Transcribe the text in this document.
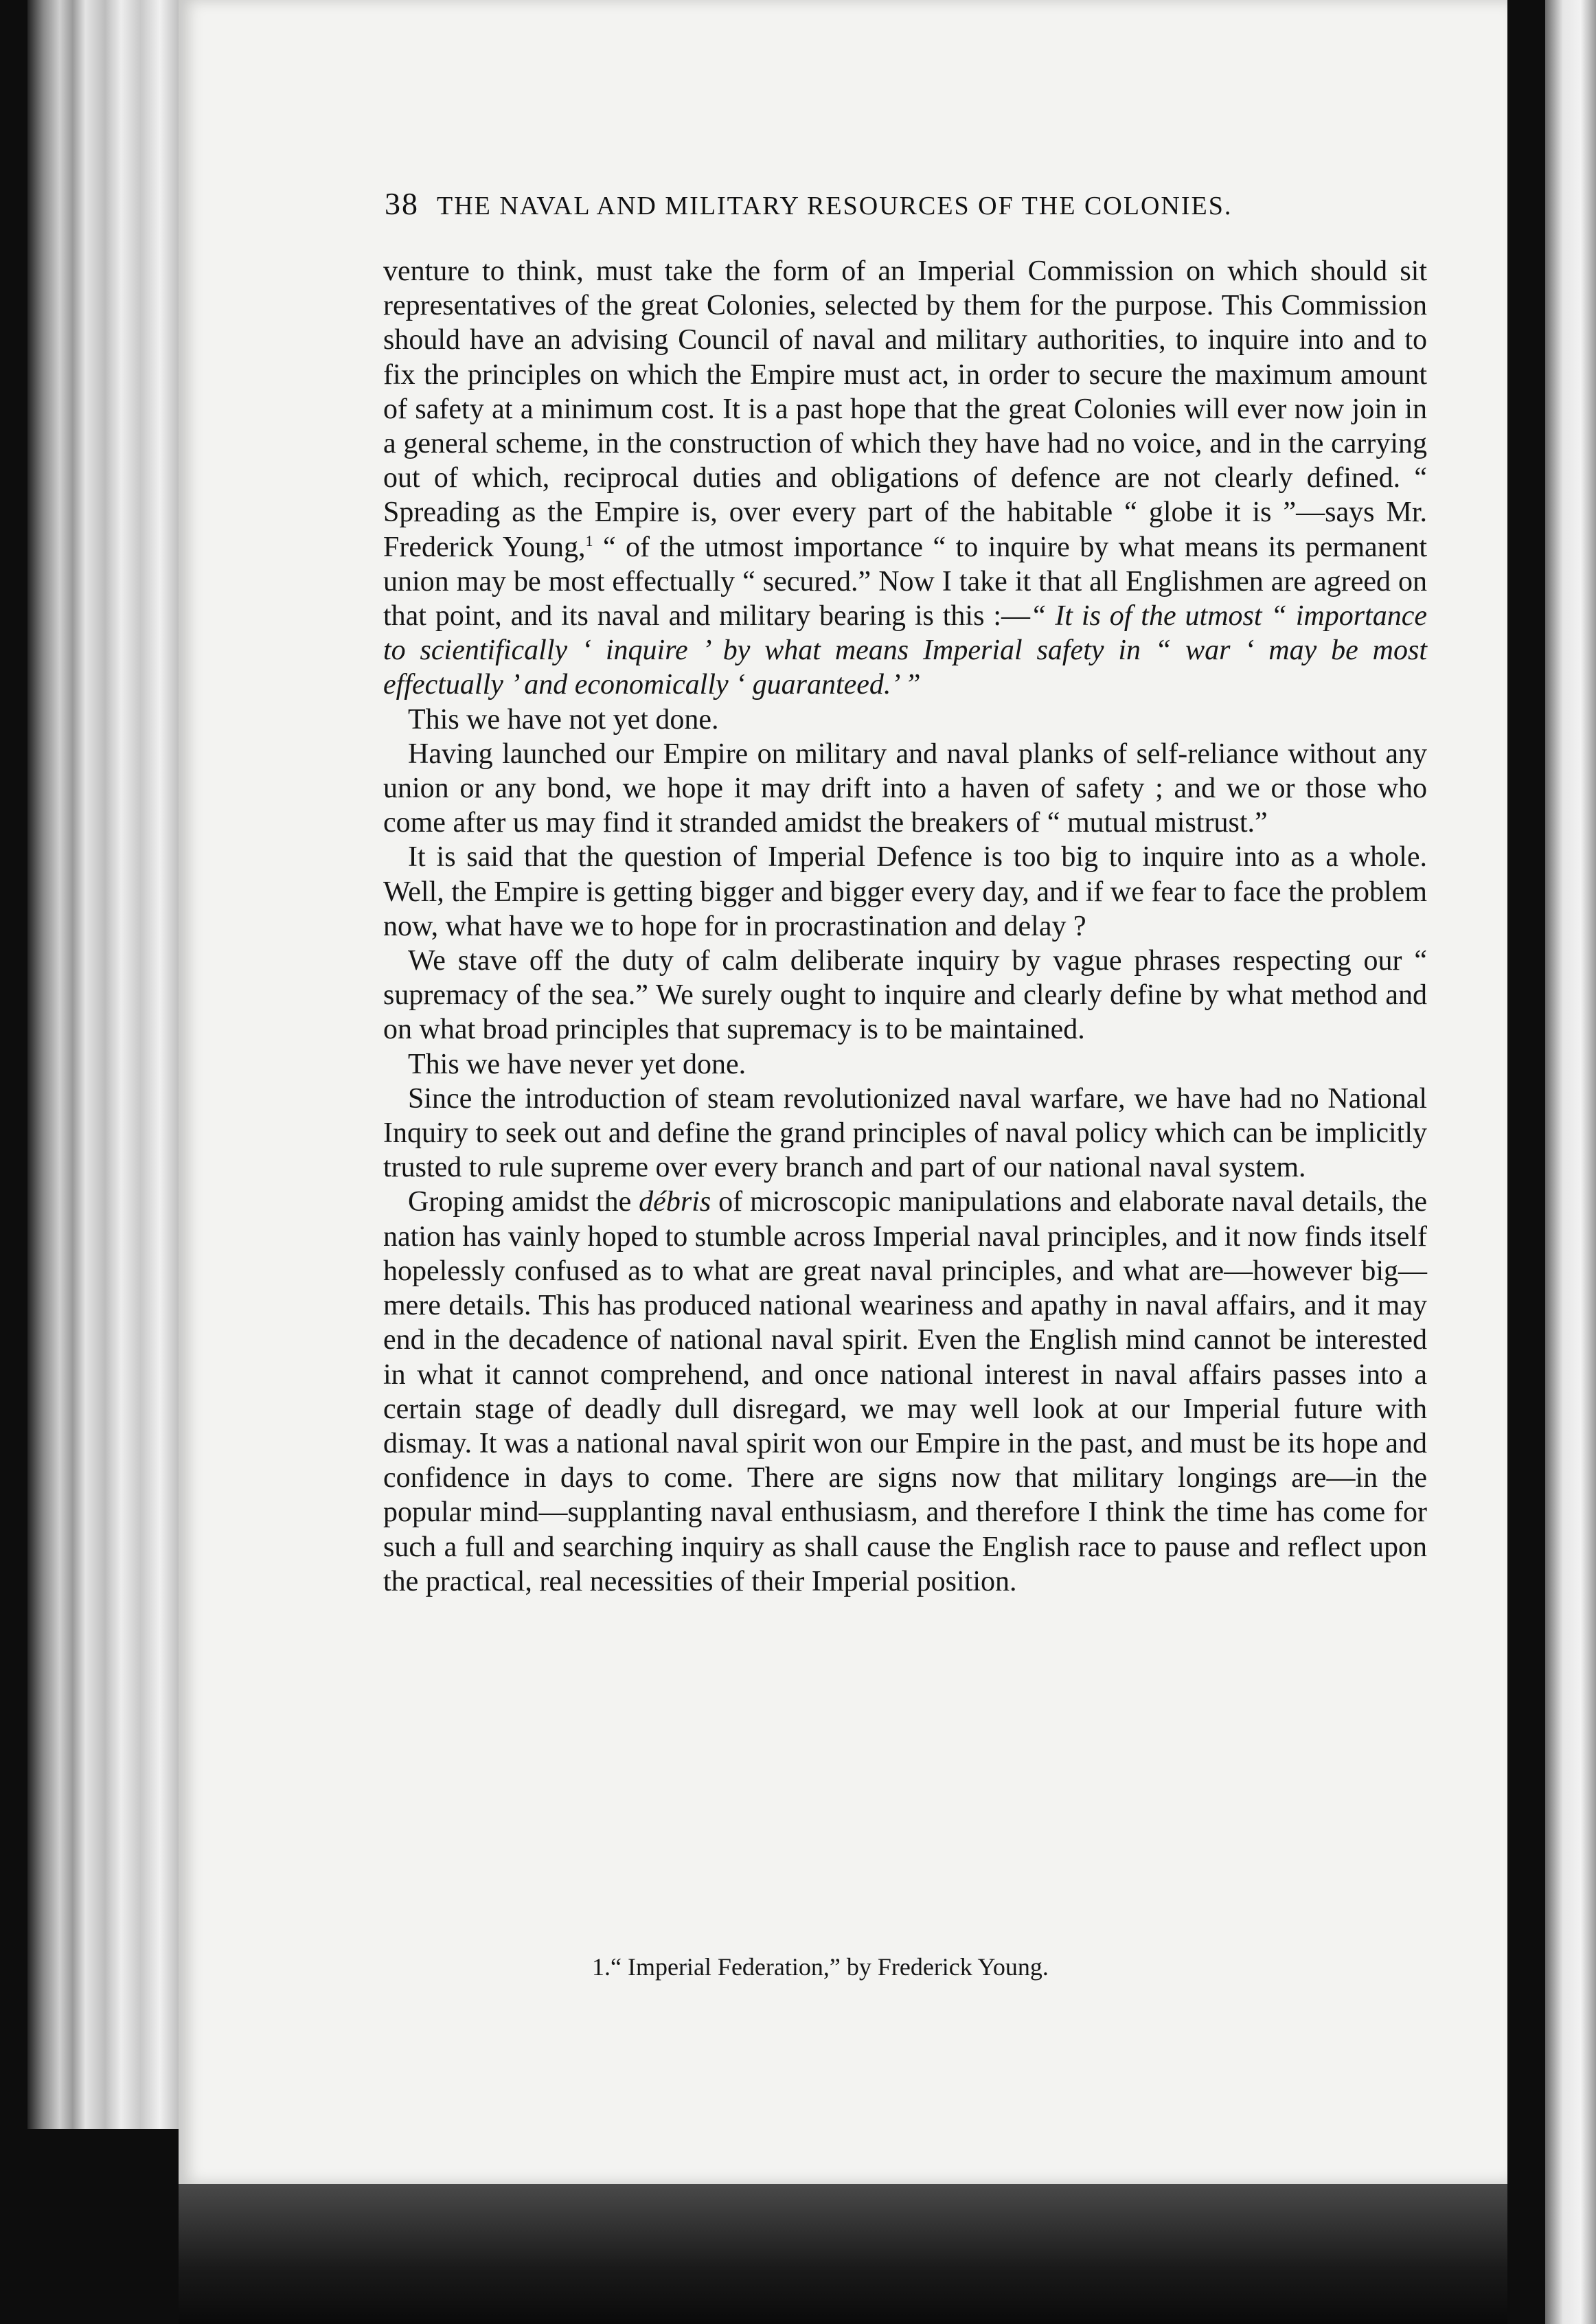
38 THE NAVAL AND MILITARY RESOURCES OF THE COLONIES.

venture to think, must take the form of an Imperial Commission on which should sit representatives of the great Colonies, selected by them for the purpose. This Commission should have an advising Council of naval and military authorities, to inquire into and to fix the principles on which the Empire must act, in order to secure the maximum amount of safety at a minimum cost. It is a past hope that the great Colonies will ever now join in a general scheme, in the construction of which they have had no voice, and in the carrying out of which, reciprocal duties and obligations of defence are not clearly defined. “ Spreading as the Empire is, over every part of the habitable “ globe it is ”—says Mr. Frederick Young,$^1$ “ of the utmost importance “ to inquire by what means its permanent union may be most effectually “ secured.” Now I take it that all Englishmen are agreed on that point, and its naval and military bearing is this :—“ It is of the utmost “ importance to scientifically ‘ inquire ’ by what means Imperial safety in “ war ‘ may be most effectually ’ and economically ‘ guaranteed.’ ”

This we have not yet done.

Having launched our Empire on military and naval planks of self-reliance without any union or any bond, we hope it may drift into a haven of safety ; and we or those who come after us may find it stranded amidst the breakers of “ mutual mistrust.”

It is said that the question of Imperial Defence is too big to inquire into as a whole. Well, the Empire is getting bigger and bigger every day, and if we fear to face the problem now, what have we to hope for in procrastination and delay ?

We stave off the duty of calm deliberate inquiry by vague phrases respecting our “ supremacy of the sea.” We surely ought to inquire and clearly define by what method and on what broad principles that supremacy is to be maintained.

This we have never yet done.

Since the introduction of steam revolutionized naval warfare, we have had no National Inquiry to seek out and define the grand principles of naval policy which can be implicitly trusted to rule supreme over every branch and part of our national naval system.

Groping amidst the débris of microscopic manipulations and elaborate naval details, the nation has vainly hoped to stumble across Imperial naval principles, and it now finds itself hopelessly confused as to what are great naval principles, and what are—however big—mere details. This has produced national weariness and apathy in naval affairs, and it may end in the decadence of national naval spirit. Even the English mind cannot be interested in what it cannot comprehend, and once national interest in naval affairs passes into a certain stage of deadly dull disregard, we may well look at our Imperial future with dismay. It was a national naval spirit won our Empire in the past, and must be its hope and confidence in days to come. There are signs now that military longings are—in the popular mind—supplanting naval enthusiasm, and therefore I think the time has come for such a full and searching inquiry as shall cause the English race to pause and reflect upon the practical, real necessities of their Imperial position.

1.“ Imperial Federation,” by Frederick Young.
